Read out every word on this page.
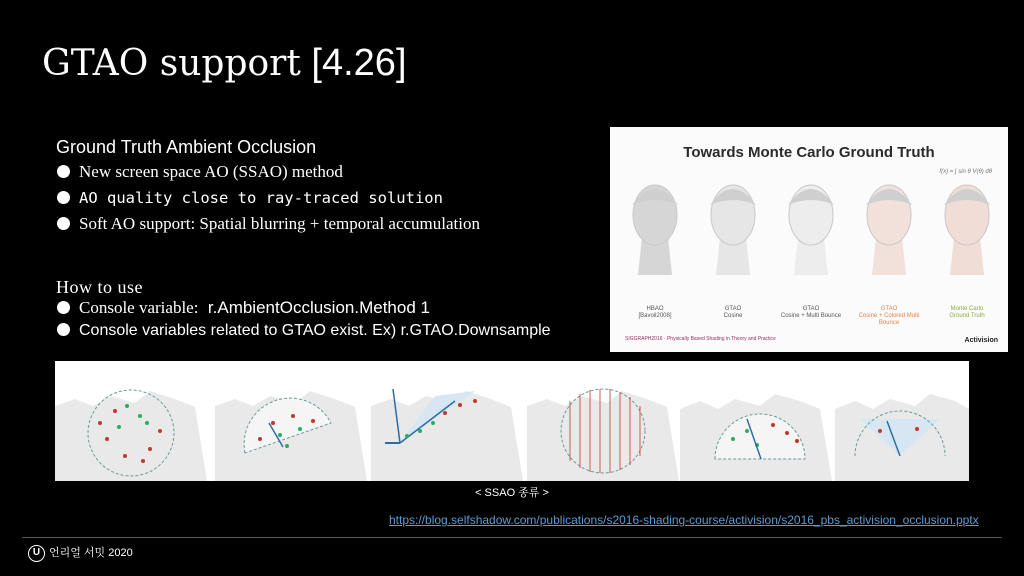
GTAO support [4.26]
Ground Truth Ambient Occlusion
New screen space AO (SSAO) method
AO quality close to ray-traced solution
Soft AO support: Spatial blurring + temporal accumulation
How to use
Console variable: r.AmbientOcclusion.Method 1
Console variables related to GTAO exist. Ex) r.GTAO.Downsample
Towards Monte Carlo Ground Truth
f(x) = ∫ sin θ V(θ) dθ
HBAO
[Bavoil2008]
GTAO
Cosine
GTAO
Cosine + Multi Bounce
GTAO
Cosine + Colored Multi Bounce
Monte Carlo
Ground Truth
SIGGRAPH2016 · Physically Based Shading in Theory and Practice	Activision
< SSAO 종류 >
https://blog.selfshadow.com/publications/s2016-shading-course/activision/s2016_pbs_activision_occlusion.pptx
U 언리얼 서밋 2020
